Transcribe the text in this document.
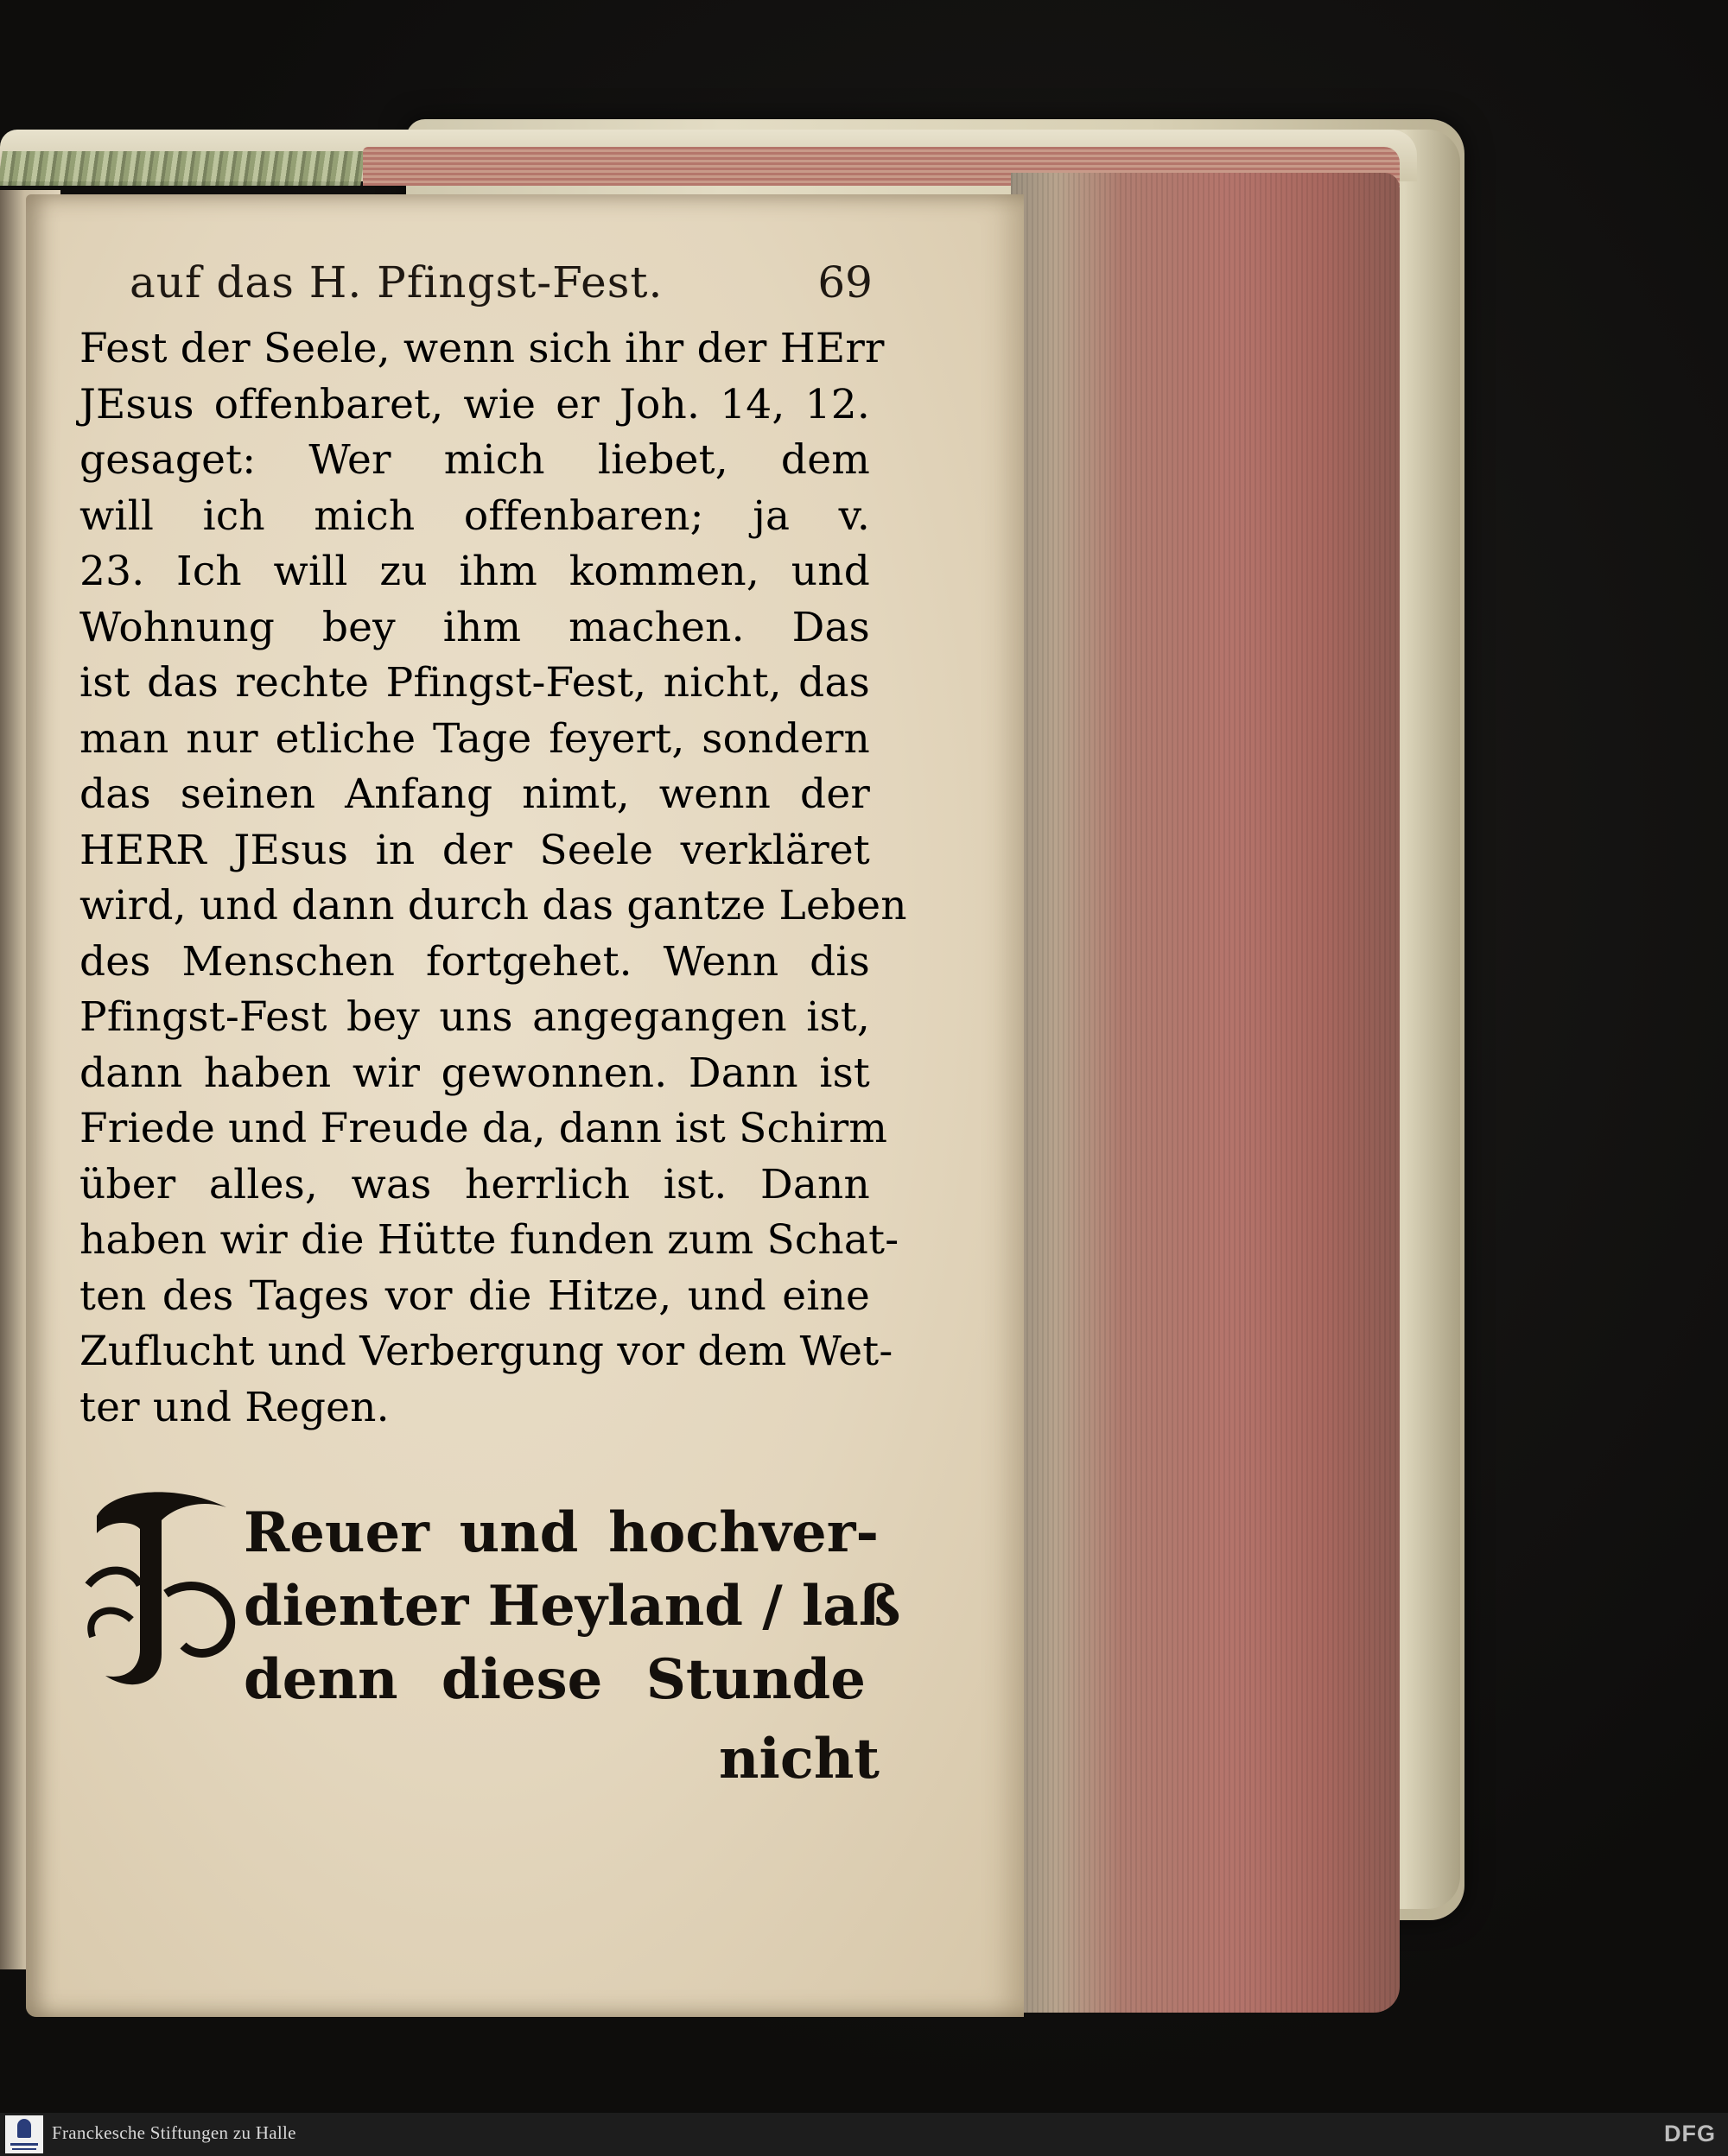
auf das H. Pfingst-Fest.	69
Fest der Seele, wenn sich ihr der HErr
JEsus offenbaret, wie er Joh. 14, 12.
gesaget: Wer mich liebet, dem
will ich mich offenbaren; ja v.
23. Ich will zu ihm kommen, und
Wohnung bey ihm machen. Das
ist das rechte Pfingst-Fest, nicht, das
man nur etliche Tage feyert, sondern
das seinen Anfang nimt, wenn der
HERR JEsus in der Seele verkläret
wird, und dann durch das gantze Leben
des Menschen fortgehet. Wenn dis
Pfingst-Fest bey uns angegangen ist,
dann haben wir gewonnen. Dann ist
Friede und Freude da, dann ist Schirm
über alles, was herrlich ist. Dann
haben wir die Hütte funden zum Schat-
ten des Tages vor die Hitze, und eine
Zuflucht und Verbergung vor dem Wet-
ter und Regen.
Reuer und hochver-
dienter Heyland / laß
denn diese Stunde
nicht
Franckesche Stiftungen zu Halle	DFG
